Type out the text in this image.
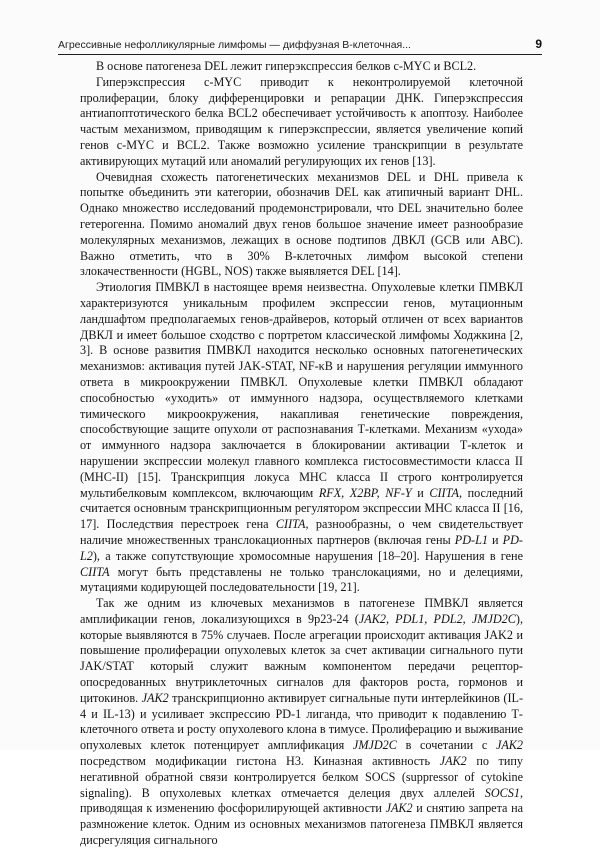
Агрессивные нефолликулярные лимфомы — диффузная В-клеточная...	9

В основе патогенеза DEL лежит гиперэкспрессия белков c-MYC и BCL2.

Гиперэкспрессия c-MYC приводит к неконтролируемой клеточной пролиферации, блоку дифференцировки и репарации ДНК. Гиперэкспрессия антиапоптотического белка BCL2 обеспечивает устойчивость к апоптозу. Наиболее частым механизмом, приводящим к гиперэкспрессии, является увеличение копий генов c-MYC и BCL2. Также возможно усиление транскрипции в результате активирующих мутаций или аномалий регулирующих их генов [13].

Очевидная схожесть патогенетических механизмов DEL и DHL привела к попытке объединить эти категории, обозначив DEL как атипичный вариант DHL. Однако множество исследований продемонстрировали, что DEL значительно более гетерогенна. Помимо аномалий двух генов большое значение имеет разнообразие молекулярных механизмов, лежащих в основе подтипов ДВКЛ (GCB или ABC). Важно отметить, что в 30% В-клеточных лимфом высокой степени злокачественности (HGBL, NOS) также выявляется DEL [14].

Этиология ПМВКЛ в настоящее время неизвестна. Опухолевые клетки ПМВКЛ характеризуются уникальным профилем экспрессии генов, мутационным ландшафтом предполагаемых генов-драйверов, который отличен от всех вариантов ДВКЛ и имеет большое сходство с портретом классической лимфомы Ходжкина [2, 3]. В основе развития ПМВКЛ находится несколько основных патогенетических механизмов: активация путей JAK-STAT, NF-κB и нарушения регуляции иммунного ответа в микроокружении ПМВКЛ. Опухолевые клетки ПМВКЛ обладают способностью «уходить» от иммунного надзора, осуществляемого клетками тимического микроокружения, накапливая генетические повреждения, способствующие защите опухоли от распознавания Т-клетками. Механизм «ухода» от иммунного надзора заключается в блокировании активации Т-клеток и нарушении экспрессии молекул главного комплекса гистосовместимости класса II (MHC-II) [15]. Транскрипция локуса MHC класса II строго контролируется мультибелковым комплексом, включающим RFX, X2BP, NF-Y и CIITA, последний считается основным транскрипционным регулятором экспрессии MHC класса II [16, 17]. Последствия перестроек гена CIITA, разнообразны, о чем свидетельствует наличие множественных транслокационных партнеров (включая гены PD-L1 и PD-L2), а также сопутствующие хромосомные нарушения [18–20]. Нарушения в гене CIITA могут быть представлены не только транслокациями, но и делециями, мутациями кодирующей последовательности [19, 21].

Так же одним из ключевых механизмов в патогенезе ПМВКЛ является амплификации генов, локализующихся в 9p23-24 (JAK2, PDL1, PDL2, JMJD2C), которые выявляются в 75% случаев. После агрегации происходит активация JAK2 и повышение пролиферации опухолевых клеток за счет активации сигнального пути JAK/STAT который служит важным компонентом передачи рецептор-опосредованных внутриклеточных сигналов для факторов роста, гормонов и цитокинов. JAK2 транскрипционно активирует сигнальные пути интерлейкинов (IL-4 и IL-13) и усиливает экспрессию PD-1 лиганда, что приводит к подавлению Т-клеточного ответа и росту опухолевого клона в тимусе. Пролиферацию и выживание опухолевых клеток потенцирует амплификация JMJD2C в сочетании с JAK2 посредством модификации гистона H3. Киназная активность JAK2 по типу негативной обратной связи контролируется белком SOCS (suppressor of cytokine signaling). В опухолевых клетках отмечается делеция двух аллелей SOCS1, приводящая к изменению фосфорилирующей активности JAK2 и снятию запрета на размножение клеток. Одним из основных механизмов патогенеза ПМВКЛ является дисрегуляция сигнального
